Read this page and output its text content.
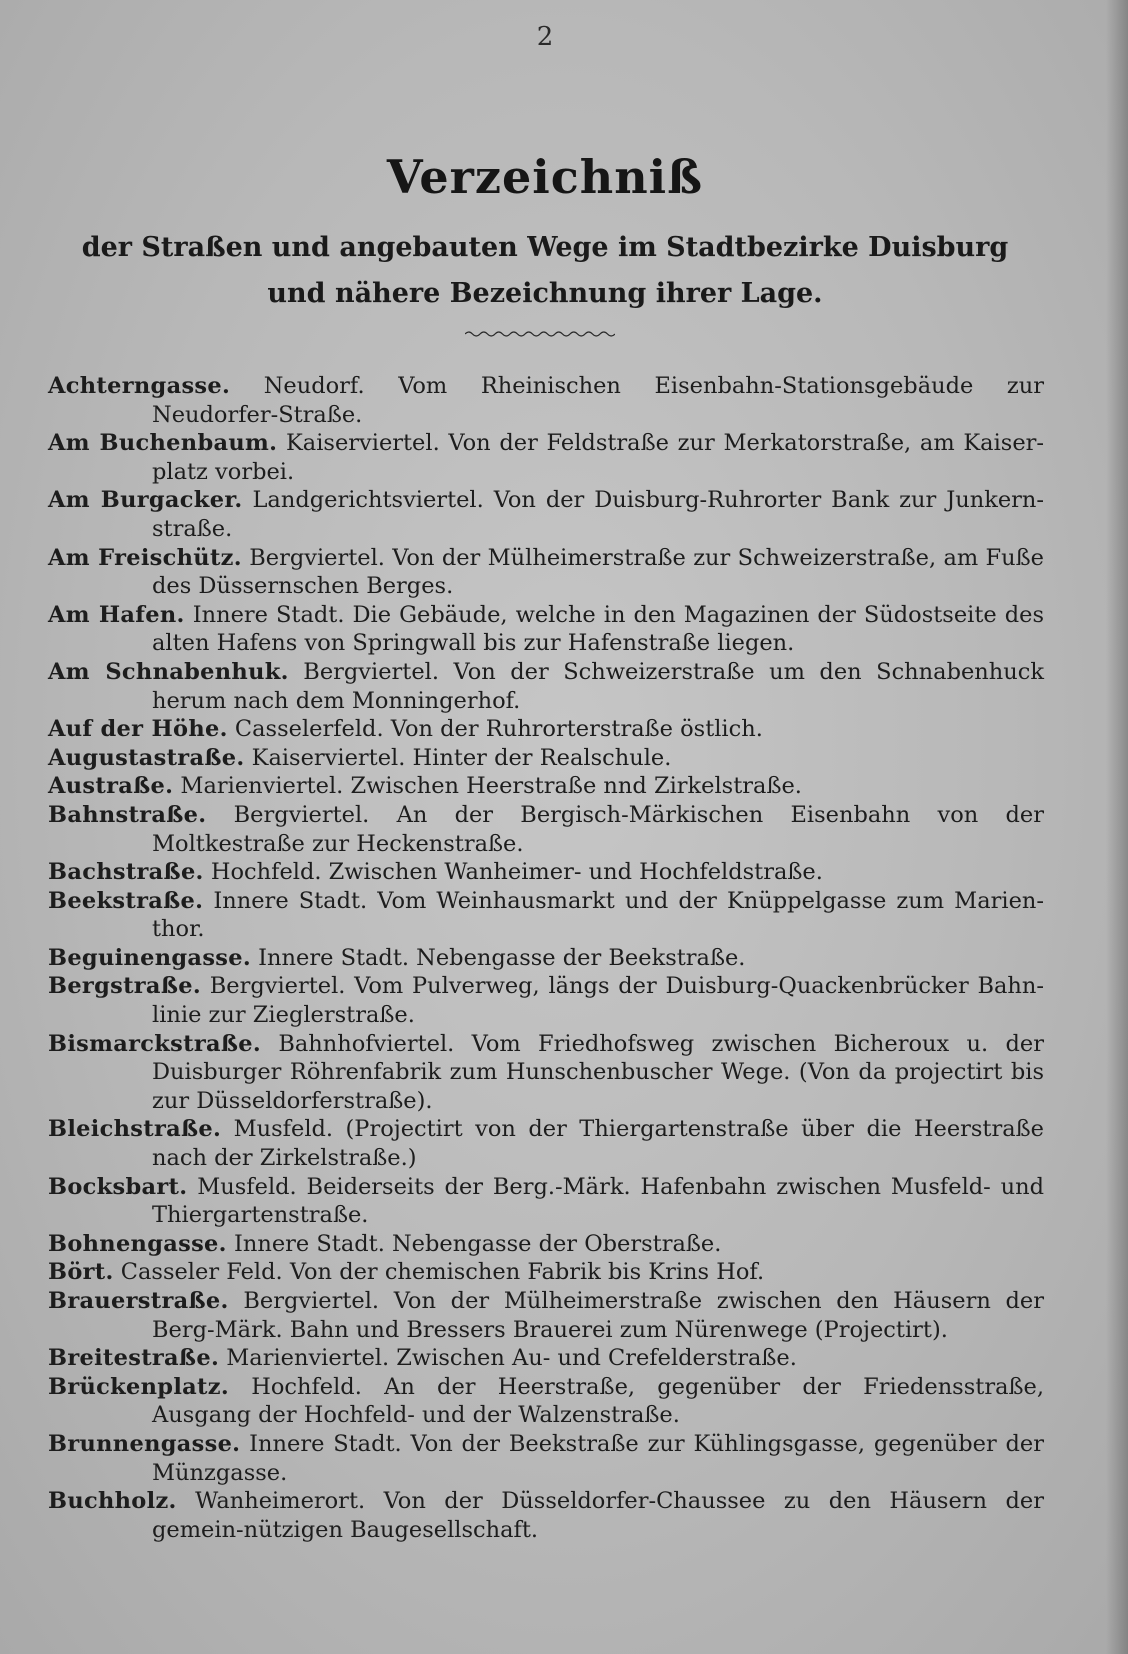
2
Verzeichniß
der Straßen und angebauten Wege im Stadtbezirke Duisburg und nähere Bezeichnung ihrer Lage.

Achterngasse. Neudorf. Vom Rheinischen Eisenbahn-Stationsgebäude zur Neudorfer-Straße.

Am Buchenbaum. Kaiserviertel. Von der Feldstraße zur Merkatorstraße, am Kaiser-platz vorbei.

Am Burgacker. Landgerichtsviertel. Von der Duisburg-Ruhrorter Bank zur Junkern-straße.

Am Freischütz. Bergviertel. Von der Mülheimerstraße zur Schweizerstraße, am Fuße des Düssernschen Berges.

Am Hafen. Innere Stadt. Die Gebäude, welche in den Magazinen der Südostseite des alten Hafens von Springwall bis zur Hafenstraße liegen.

Am Schnabenhuk. Bergviertel. Von der Schweizerstraße um den Schnabenhuck herum nach dem Monningerhof.

Auf der Höhe. Casselerfeld. Von der Ruhrorterstraße östlich.

Augustastraße. Kaiserviertel. Hinter der Realschule.

Austraße. Marienviertel. Zwischen Heerstraße nnd Zirkelstraße.

Bahnstraße. Bergviertel. An der Bergisch-Märkischen Eisenbahn von der Moltkestraße zur Heckenstraße.

Bachstraße. Hochfeld. Zwischen Wanheimer- und Hochfeldstraße.

Beekstraße. Innere Stadt. Vom Weinhausmarkt und der Knüppelgasse zum Marien-thor.

Beguinengasse. Innere Stadt. Nebengasse der Beekstraße.

Bergstraße. Bergviertel. Vom Pulverweg, längs der Duisburg-Quackenbrücker Bahn-linie zur Zieglerstraße.

Bismarckstraße. Bahnhofviertel. Vom Friedhofsweg zwischen Bicheroux u. der Duisburger Röhrenfabrik zum Hunschenbuscher Wege. (Von da projectirt bis zur Düsseldorferstraße).

Bleichstraße. Musfeld. (Projectirt von der Thiergartenstraße über die Heerstraße nach der Zirkelstraße.)

Bocksbart. Musfeld. Beiderseits der Berg.-Märk. Hafenbahn zwischen Musfeld- und Thiergartenstraße.

Bohnengasse. Innere Stadt. Nebengasse der Oberstraße.

Bört. Casseler Feld. Von der chemischen Fabrik bis Krins Hof.

Brauerstraße. Bergviertel. Von der Mülheimerstraße zwischen den Häusern der Berg-Märk. Bahn und Bressers Brauerei zum Nürenwege (Projectirt).

Breitestraße. Marienviertel. Zwischen Au- und Crefelderstraße.

Brückenplatz. Hochfeld. An der Heerstraße, gegenüber der Friedensstraße, Ausgang der Hochfeld- und der Walzenstraße.

Brunnengasse. Innere Stadt. Von der Beekstraße zur Kühlingsgasse, gegenüber der Münzgasse.

Buchholz. Wanheimerort. Von der Düsseldorfer-Chaussee zu den Häusern der gemein-nützigen Baugesellschaft.
